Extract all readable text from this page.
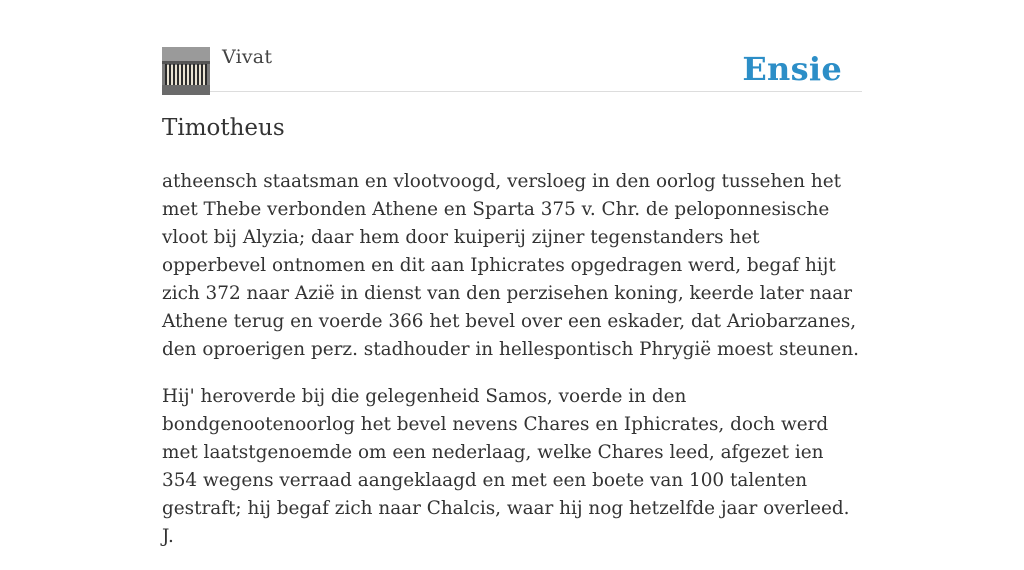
Vivat	Ensie
Timotheus

atheensch staatsman en vlootvoogd, versloeg in den oorlog tussehen het met Thebe verbonden Athene en Sparta 375 v. Chr. de peloponnesische vloot bij Alyzia; daar hem door kuiperij zijner tegenstanders het opperbevel ontnomen en dit aan Iphicrates opgedragen werd, begaf hijt zich 372 naar Azië in dienst van den perzisehen koning, keerde later naar Athene terug en voerde 366 het bevel over een eskader, dat Ariobarzanes, den oproerigen perz. stadhouder in hellespontisch Phrygië moest steunen.

Hij' heroverde bij die gelegenheid Samos, voerde in den bondgenootenoorlog het bevel nevens Chares en Iphicrates, doch werd met laatstgenoemde om een nederlaag, welke Chares leed, afgezet ien 354 wegens verraad aangeklaagd en met een boete van 100 talenten gestraft; hij begaf zich naar Chalcis, waar hij nog hetzelfde jaar overleed. J.
